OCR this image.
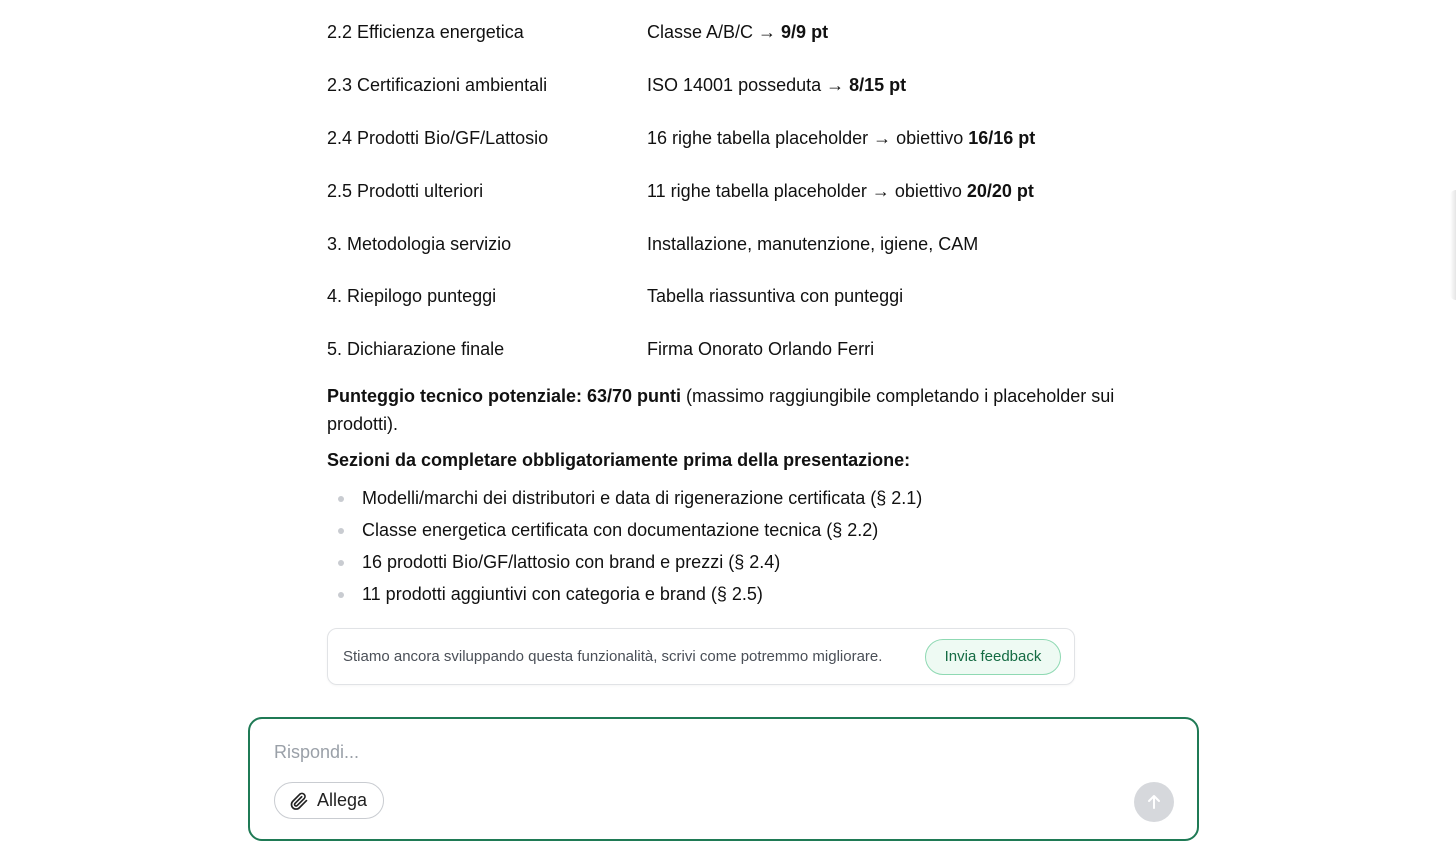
2.2 Efficienza energetica	Classe A/B/C → 9/9 pt
2.3 Certificazioni ambientali	ISO 14001 posseduta → 8/15 pt
2.4 Prodotti Bio/GF/Lattosio	16 righe tabella placeholder → obiettivo 16/16 pt
2.5 Prodotti ulteriori	11 righe tabella placeholder → obiettivo 20/20 pt
3. Metodologia servizio	Installazione, manutenzione, igiene, CAM
4. Riepilogo punteggi	Tabella riassuntiva con punteggi
5. Dichiarazione finale	Firma Onorato Orlando Ferri

Punteggio tecnico potenziale: 63/70 punti (massimo raggiungibile completando i placeholder sui prodotti).

Sezioni da completare obbligatoriamente prima della presentazione:
Modelli/marchi dei distributori e data di rigenerazione certificata (§ 2.1)
Classe energetica certificata con documentazione tecnica (§ 2.2)
16 prodotti Bio/GF/lattosio con brand e prezzi (§ 2.4)
11 prodotti aggiuntivi con categoria e brand (§ 2.5)
Stiamo ancora sviluppando questa funzionalità, scrivi come potremmo migliorare.	Invia feedback
Rispondi...
Allega
